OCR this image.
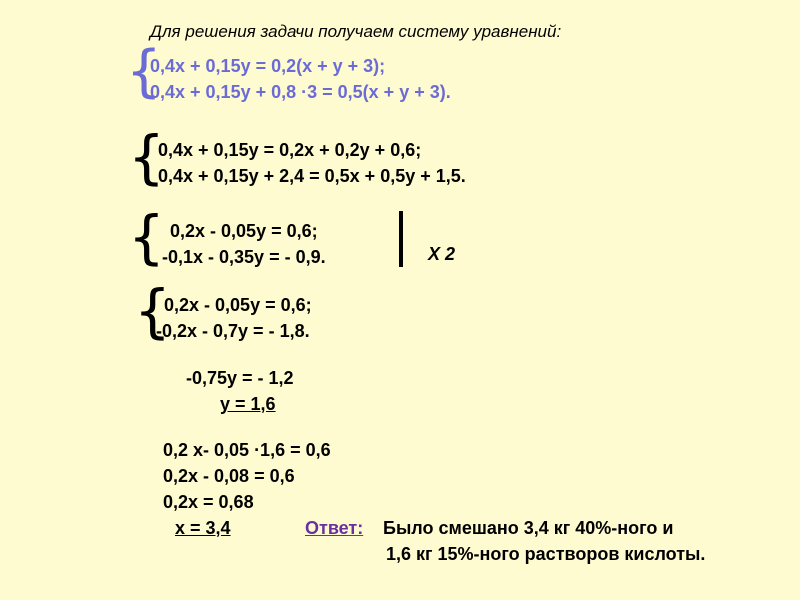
Для решения задачи получаем систему уравнений:
{
0,4x + 0,15y = 0,2(x + y + 3);
0,4x + 0,15y + 0,8 ·3 = 0,5(x + y + 3).
{
0,4x + 0,15y = 0,2x + 0,2y + 0,6;
0,4x + 0,15y + 2,4 = 0,5x + 0,5y + 1,5.
{ 0,2x - 0,05y = 0,6;
-0,1x - 0,35y = - 0,9.	X 2
{
0,2x - 0,05y = 0,6;
-0,2x - 0,7y = - 1,8.
-0,75y = - 1,2
y = 1,6
0,2 x- 0,05 ·1,6 = 0,6
0,2x - 0,08 = 0,6
0,2x = 0,68
x = 3,4	Ответ: Было смешано 3,4 кг 40%-ного и
1,6 кг 15%-ного растворов кислоты.
